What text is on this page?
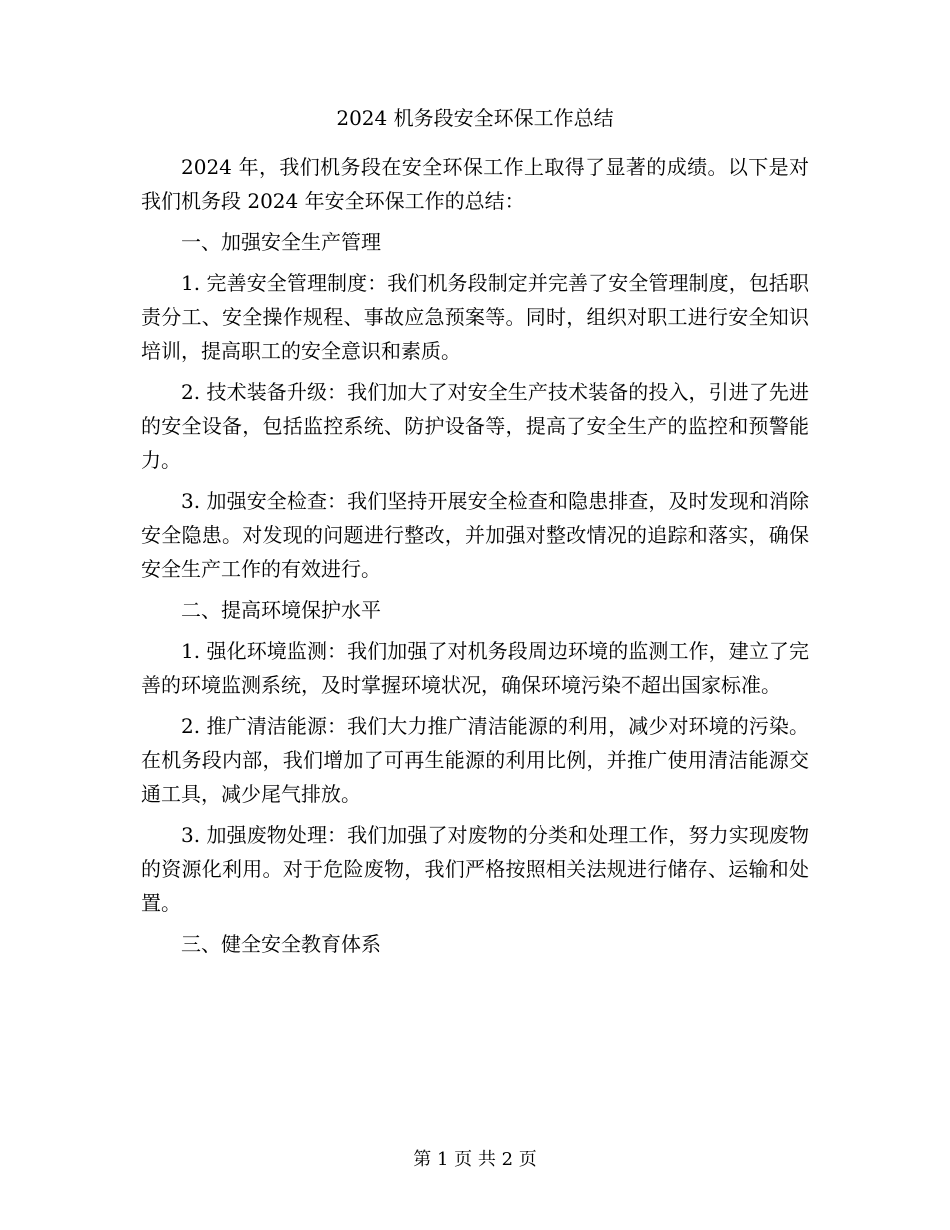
2024 机务段安全环保工作总结

2024 年，我们机务段在安全环保工作上取得了显著的成绩。以下是对我们机务段 2024 年安全环保工作的总结：

一、加强安全生产管理

1. 完善安全管理制度：我们机务段制定并完善了安全管理制度，包括职责分工、安全操作规程、事故应急预案等。同时，组织对职工进行安全知识培训，提高职工的安全意识和素质。

2. 技术装备升级：我们加大了对安全生产技术装备的投入，引进了先进的安全设备，包括监控系统、防护设备等，提高了安全生产的监控和预警能力。

3. 加强安全检查：我们坚持开展安全检查和隐患排查，及时发现和消除安全隐患。对发现的问题进行整改，并加强对整改情况的追踪和落实，确保安全生产工作的有效进行。

二、提高环境保护水平

1. 强化环境监测：我们加强了对机务段周边环境的监测工作，建立了完善的环境监测系统，及时掌握环境状况，确保环境污染不超出国家标准。

2. 推广清洁能源：我们大力推广清洁能源的利用，减少对环境的污染。在机务段内部，我们增加了可再生能源的利用比例，并推广使用清洁能源交通工具，减少尾气排放。

3. 加强废物处理：我们加强了对废物的分类和处理工作，努力实现废物的资源化利用。对于危险废物，我们严格按照相关法规进行储存、运输和处置。

三、健全安全教育体系

第 1 页 共 2 页
